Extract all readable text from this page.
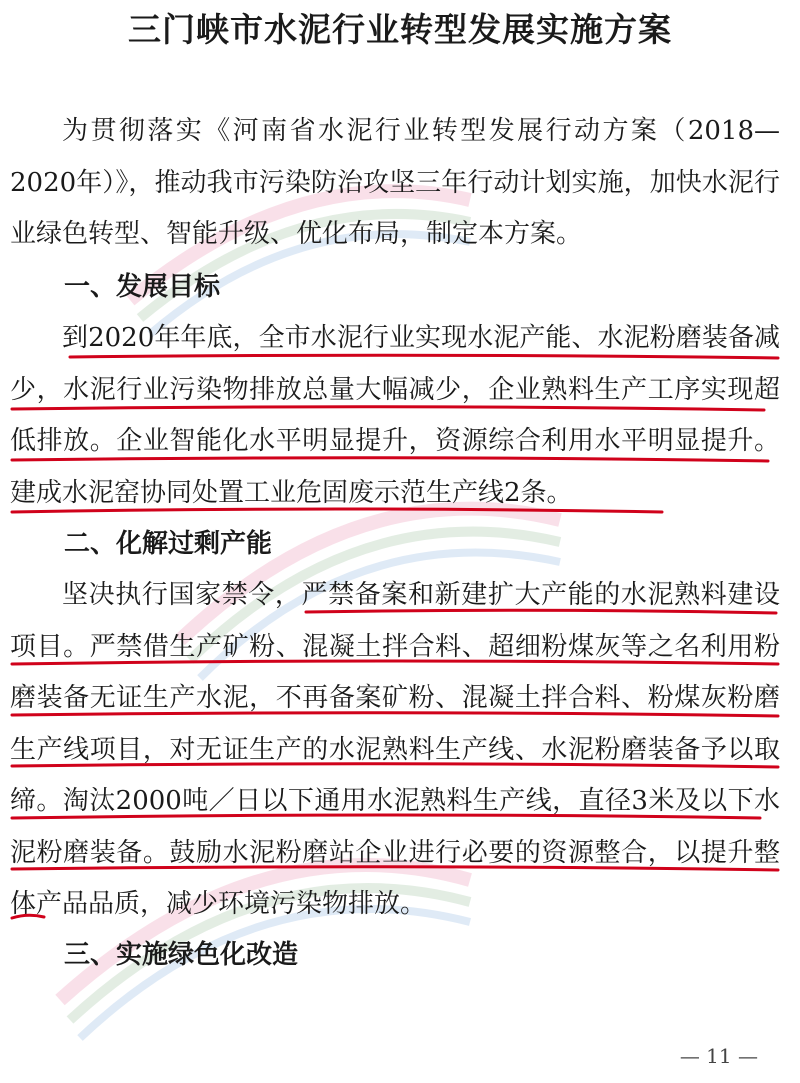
三门峡市水泥行业转型发展实施方案

为贯彻落实《河南省水泥行业转型发展行动方案（2018—2020年）》，推动我市污染防治攻坚三年行动计划实施，加快水泥行业绿色转型、智能升级、优化布局，制定本方案。

一、发展目标

到2020年年底，全市水泥行业实现水泥产能、水泥粉磨装备减少，水泥行业污染物排放总量大幅减少，企业熟料生产工序实现超低排放。企业智能化水平明显提升，资源综合利用水平明显提升。建成水泥窑协同处置工业危固废示范生产线2条。

二、化解过剩产能

坚决执行国家禁令，严禁备案和新建扩大产能的水泥熟料建设项目。严禁借生产矿粉、混凝土拌合料、超细粉煤灰等之名利用粉磨装备无证生产水泥，不再备案矿粉、混凝土拌合料、粉煤灰粉磨生产线项目，对无证生产的水泥熟料生产线、水泥粉磨装备予以取缔。淘汰2000吨／日以下通用水泥熟料生产线，直径3米及以下水泥粉磨装备。鼓励水泥粉磨站企业进行必要的资源整合，以提升整体产品品质，减少环境污染物排放。

三、实施绿色化改造

— 11 —
